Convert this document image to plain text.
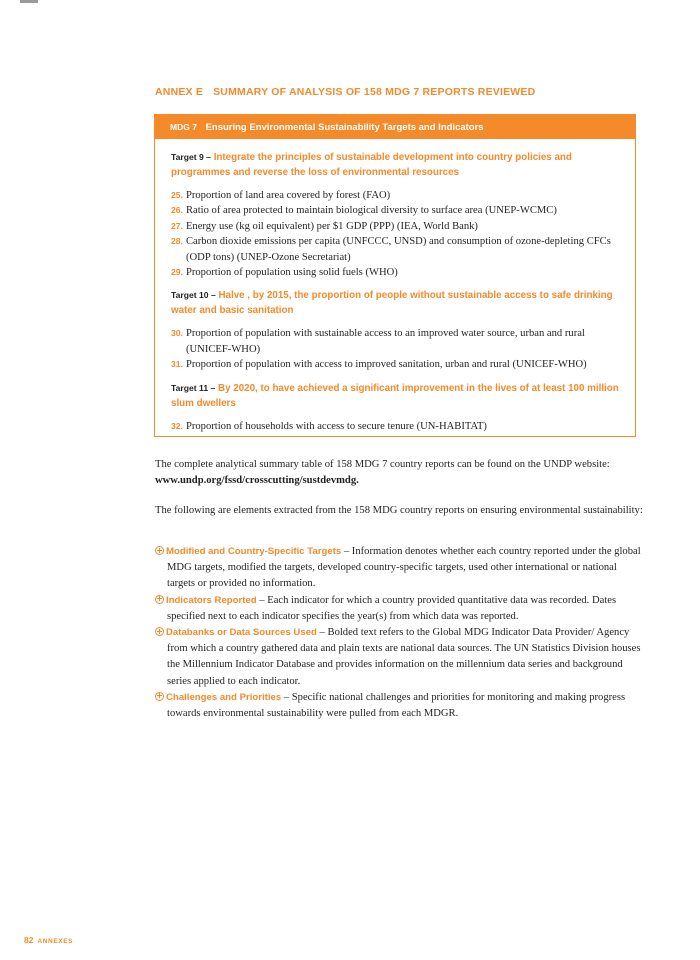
ANNEX E SUMMARY OF ANALYSIS OF 158 MDG 7 REPORTS REVIEWED
MDG 7 Ensuring Environmental Sustainability Targets and Indicators

Target 9 – Integrate the principles of sustainable development into country policies and programmes and reverse the loss of environmental resources

25. Proportion of land area covered by forest (FAO)
26. Ratio of area protected to maintain biological diversity to surface area (UNEP-WCMC)
27. Energy use (kg oil equivalent) per $1 GDP (PPP) (IEA, World Bank)
28. Carbon dioxide emissions per capita (UNFCCC, UNSD) and consumption of ozone-depleting CFCs (ODP tons) (UNEP-Ozone Secretariat)
29. Proportion of population using solid fuels (WHO)

Target 10 – Halve , by 2015, the proportion of people without sustainable access to safe drinking water and basic sanitation

30. Proportion of population with sustainable access to an improved water source, urban and rural (UNICEF-WHO)
31. Proportion of population with access to improved sanitation, urban and rural (UNICEF-WHO)

Target 11 – By 2020, to have achieved a significant improvement in the lives of at least 100 million slum dwellers

32. Proportion of households with access to secure tenure (UN-HABITAT)

The complete analytical summary table of 158 MDG 7 country reports can be found on the UNDP website:
www.undp.org/fssd/crosscutting/sustdevmdg.

The following are elements extracted from the 158 MDG country reports on ensuring environmental sustainability:

Modified and Country-Specific Targets – Information denotes whether each country reported under the global MDG targets, modified the targets, developed country-specific targets, used other international or national targets or provided no information.
Indicators Reported – Each indicator for which a country provided quantitative data was recorded. Dates specified next to each indicator specifies the year(s) from which data was reported.
Databanks or Data Sources Used – Bolded text refers to the Global MDG Indicator Data Provider/ Agency from which a country gathered data and plain texts are national data sources. The UN Statistics Division houses the Millennium Indicator Database and provides information on the millennium data series and background series applied to each indicator.
Challenges and Priorities – Specific national challenges and priorities for monitoring and making progress towards environmental sustainability were pulled from each MDGR.
82 ANNEXES
